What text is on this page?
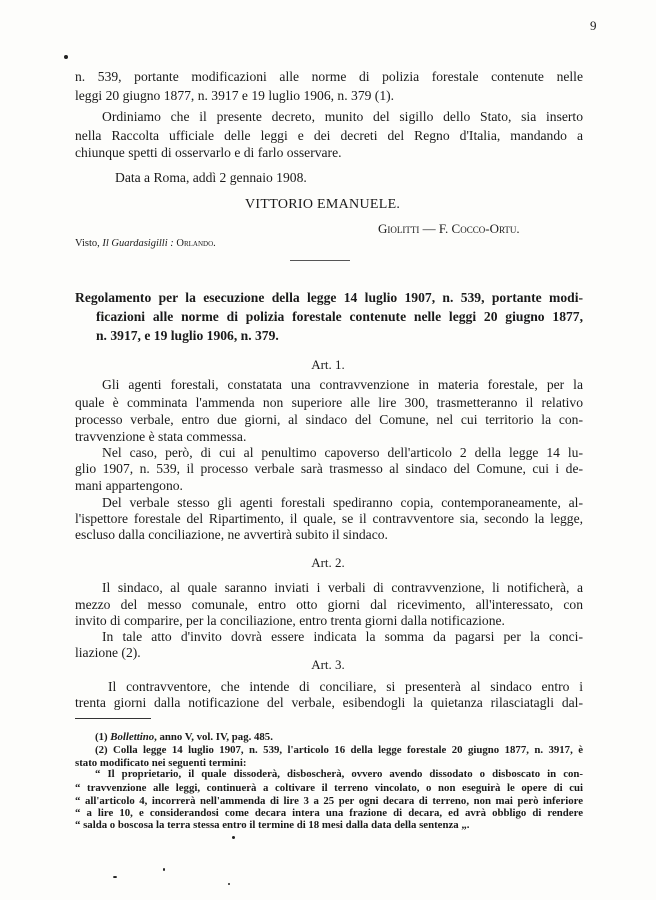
9
n. 539, portante modificazioni alle norme di polizia forestale contenute nelle
leggi 20 giugno 1877, n. 3917 e 19 luglio 1906, n. 379 (1).
Ordiniamo che il presente decreto, munito del sigillo dello Stato, sia inserto
nella Raccolta ufficiale delle leggi e dei decreti del Regno d'Italia, mandando a
chiunque spetti di osservarlo e di farlo osservare.
Data a Roma, addì 2 gennaio 1908.
VITTORIO EMANUELE.
Giolitti — F. Cocco-Ortu.
Visto, Il Guardasigilli : Orlando.
Regolamento per la esecuzione della legge 14 luglio 1907, n. 539, portante modi-
ficazioni alle norme di polizia forestale contenute nelle leggi 20 giugno 1877,
n. 3917, e 19 luglio 1906, n. 379.
Art. 1.
Gli agenti forestali, constatata una contravvenzione in materia forestale, per la
quale è comminata l'ammenda non superiore alle lire 300, trasmetteranno il relativo
processo verbale, entro due giorni, al sindaco del Comune, nel cui territorio la con-
travvenzione è stata commessa.
Nel caso, però, di cui al penultimo capoverso dell'articolo 2 della legge 14 lu-
glio 1907, n. 539, il processo verbale sarà trasmesso al sindaco del Comune, cui i de-
mani appartengono.
Del verbale stesso gli agenti forestali spediranno copia, contemporaneamente, al-
l'ispettore forestale del Ripartimento, il quale, se il contravventore sia, secondo la legge,
escluso dalla conciliazione, ne avvertirà subito il sindaco.
Art. 2.
Il sindaco, al quale saranno inviati i verbali di contravvenzione, li notificherà, a
mezzo del messo comunale, entro otto giorni dal ricevimento, all'interessato, con
invito di comparire, per la conciliazione, entro trenta giorni dalla notificazione.
In tale atto d'invito dovrà essere indicata la somma da pagarsi per la conci-
liazione (2).
Art. 3.
Il contravventore, che intende di conciliare, si presenterà al sindaco entro i
trenta giorni dalla notificazione del verbale, esibendogli la quietanza rilasciatagli dal-
(1) Bollettino, anno V, vol. IV, pag. 485.
(2) Colla legge 14 luglio 1907, n. 539, l'articolo 16 della legge forestale 20 giugno 1877, n. 3917, è
stato modificato nei seguenti termini:
“ Il proprietario, il quale dissoderà, disboscherà, ovvero avendo dissodato o disboscato in con-
“ travvenzione alle leggi, continuerà a coltivare il terreno vincolato, o non eseguirà le opere di cui
“ all'articolo 4, incorrerà nell'ammenda di lire 3 a 25 per ogni decara di terreno, non mai però inferiore
“ a lire 10, e considerandosi come decara intera una frazione di decara, ed avrà obbligo di rendere
“ salda o boscosa la terra stessa entro il termine di 18 mesi dalla data della sentenza „.
